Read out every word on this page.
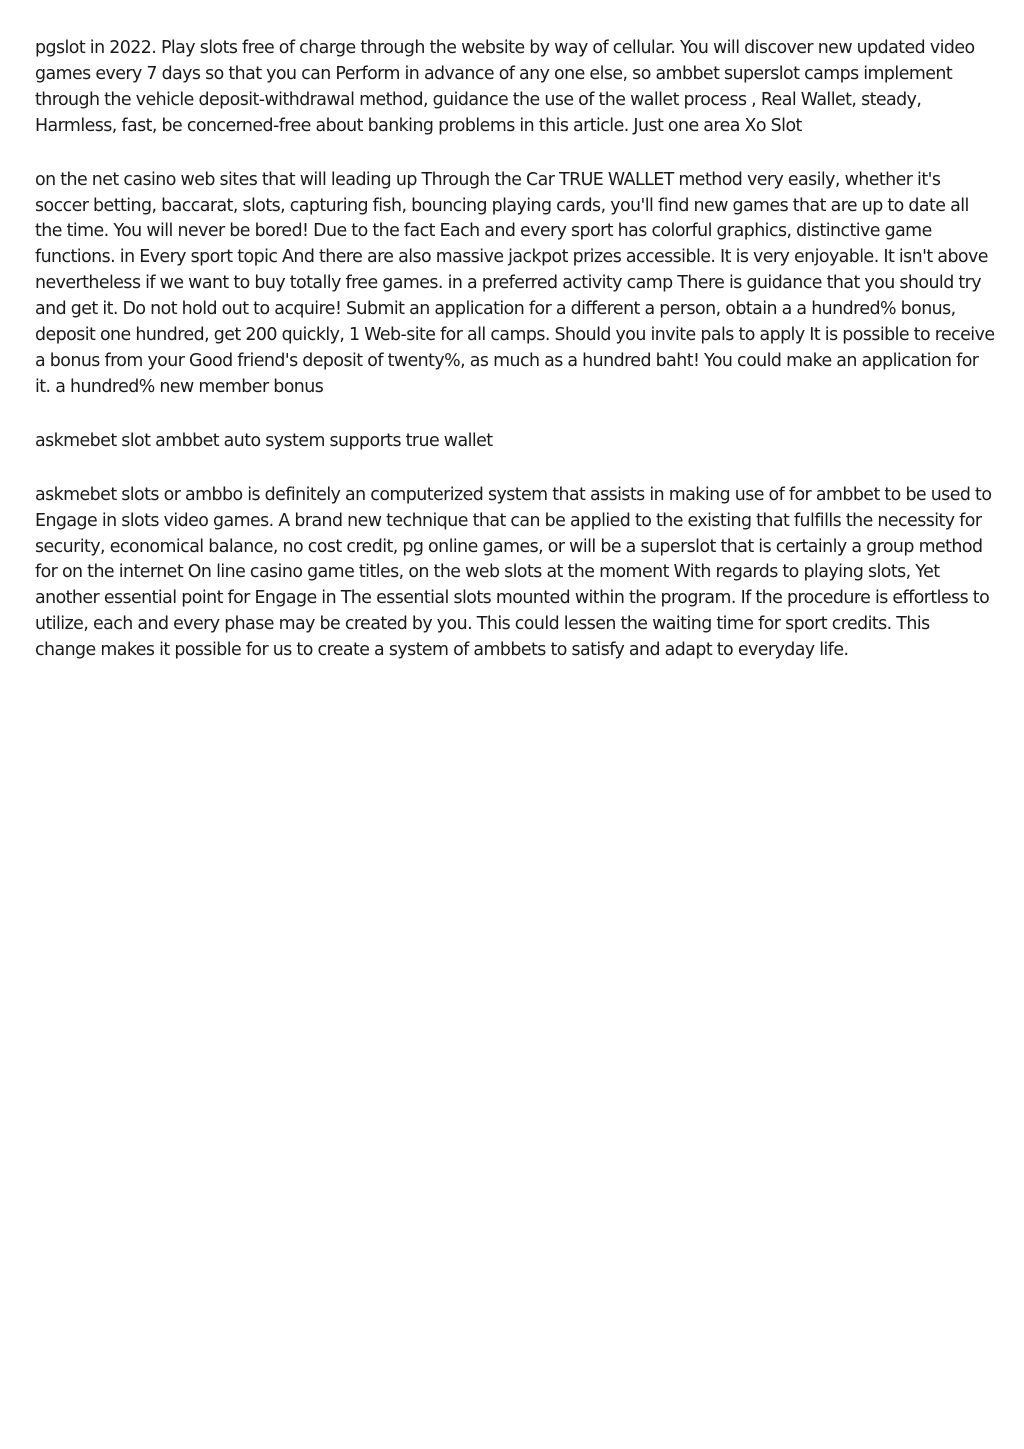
pgslot in 2022. Play slots free of charge through the website by way of cellular. You will discover new updated video games every 7 days so that you can Perform in advance of any one else, so ambbet superslot camps implement through the vehicle deposit-withdrawal method, guidance the use of the wallet process , Real Wallet, steady, Harmless, fast, be concerned-free about banking problems in this article. Just one area Xo Slot

on the net casino web sites that will leading up Through the Car TRUE WALLET method very easily, whether it's soccer betting, baccarat, slots, capturing fish, bouncing playing cards, you'll find new games that are up to date all the time. You will never be bored! Due to the fact Each and every sport has colorful graphics, distinctive game functions. in Every sport topic And there are also massive jackpot prizes accessible. It is very enjoyable. It isn't above nevertheless if we want to buy totally free games. in a preferred activity camp There is guidance that you should try and get it. Do not hold out to acquire! Submit an application for a different a person, obtain a a hundred% bonus, deposit one hundred, get 200 quickly, 1 Web-site for all camps. Should you invite pals to apply It is possible to receive a bonus from your Good friend's deposit of twenty%, as much as a hundred baht! You could make an application for it. a hundred% new member bonus

askmebet slot ambbet auto system supports true wallet

askmebet slots or ambbo is definitely an computerized system that assists in making use of for ambbet to be used to Engage in slots video games. A brand new technique that can be applied to the existing that fulfills the necessity for security, economical balance, no cost credit, pg online games, or will be a superslot that is certainly a group method for on the internet On line casino game titles, on the web slots at the moment With regards to playing slots, Yet another essential point for Engage in The essential slots mounted within the program. If the procedure is effortless to utilize, each and every phase may be created by you. This could lessen the waiting time for sport credits. This change makes it possible for us to create a system of ambbets to satisfy and adapt to everyday life.
